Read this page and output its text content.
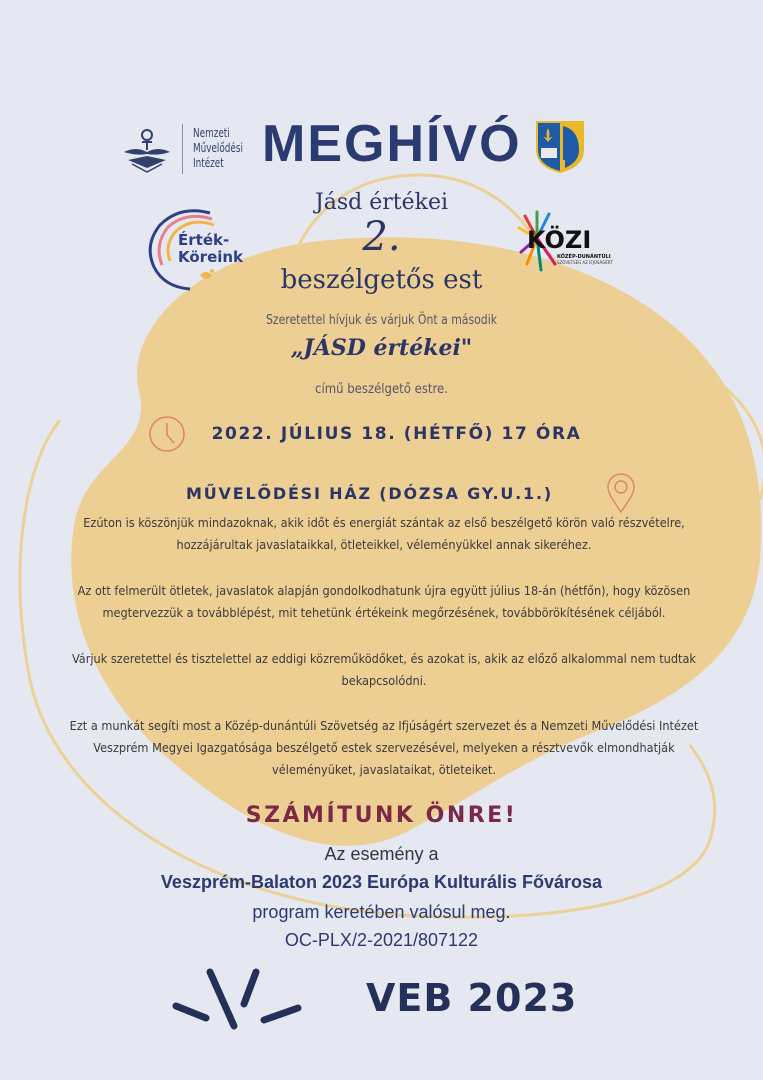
Nemzeti
Művelődési
Intézet MEGHÍVÓ
Jásd értékei
2.
beszélgetős est
Érték-
Köreink
KÖZI
KÖZÉP-DUNÁNTÚLI
SZÖVETSÉG AZ IFJÚSÁGÉRT
Szeretettel hívjuk és várjuk Önt a második
„JÁSD értékei"
című beszélgető estre.
2022. JÚLIUS 18. (HÉTFŐ) 17 ÓRA
MŰVELŐDÉSI HÁZ (DÓZSA GY.U.1.)
Ezúton is köszönjük mindazoknak, akik időt és energiát szántak az első beszélgető körön való részvételre,
hozzájárultak javaslataikkal, ötleteikkel, véleményükkel annak sikeréhez.
Az ott felmerült ötletek, javaslatok alapján gondolkodhatunk újra együtt július 18-án (hétfőn), hogy közösen
megtervezzük a továbblépést, mit tehetünk értékeink megőrzésének, továbbörökítésének céljából.
Várjuk szeretettel és tisztelettel az eddigi közreműködőket, és azokat is, akik az előző alkalommal nem tudtak
bekapcsolódni.
Ezt a munkát segíti most a Közép-dunántúli Szövetség az Ifjúságért szervezet és a Nemzeti Művelődési Intézet
Veszprém Megyei Igazgatósága beszélgető estek szervezésével, melyeken a résztvevők elmondhatják
véleményüket, javaslataikat, ötleteiket.
SZÁMÍTUNK ÖNRE!
Az esemény a
Veszprém-Balaton 2023 Európa Kulturális Fővárosa
program keretében valósul meg.
OC-PLX/2-2021/807122
VEB 2023
